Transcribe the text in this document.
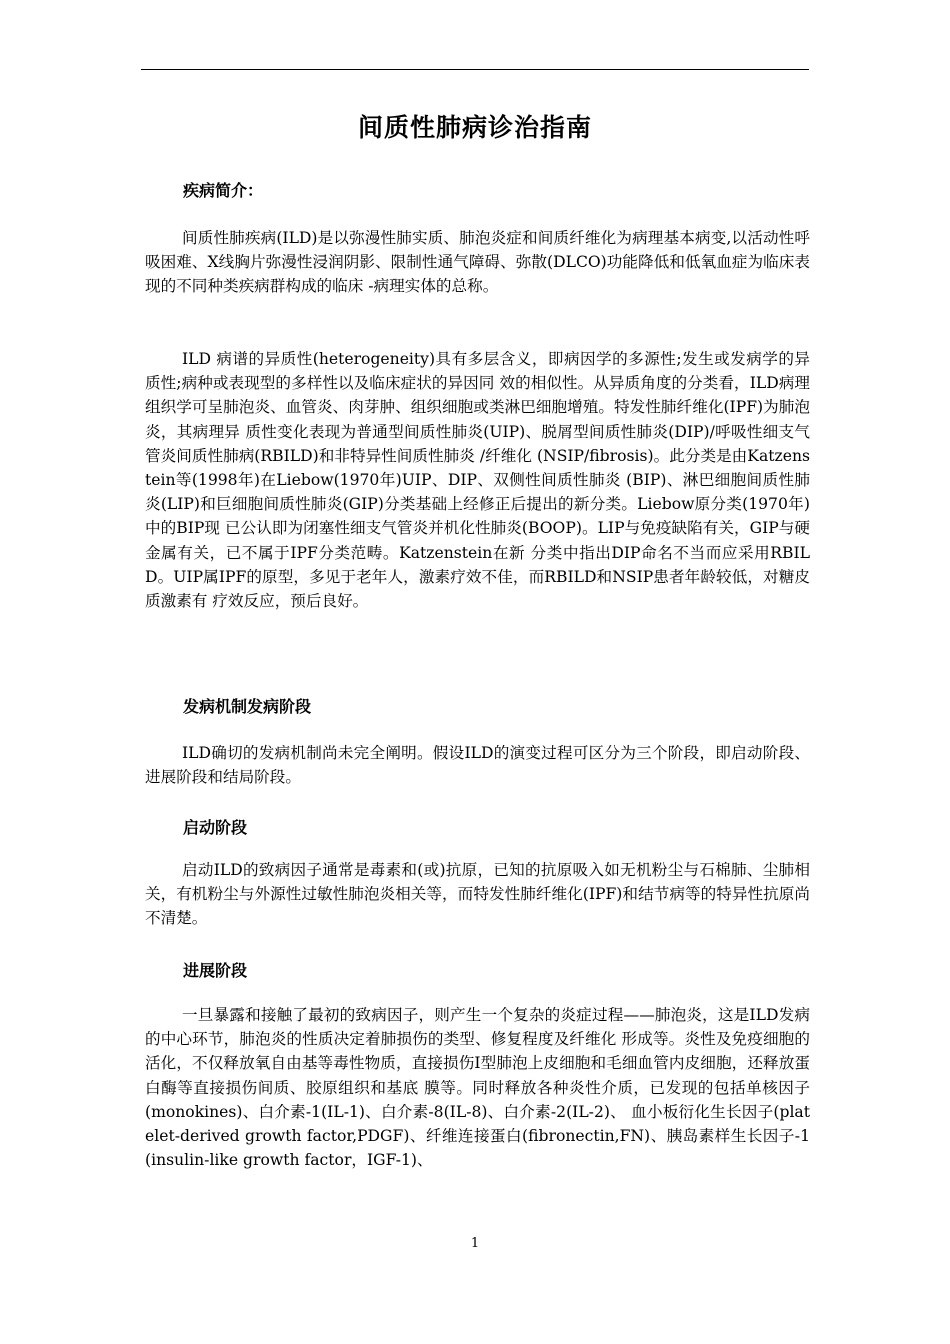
间质性肺病诊治指南
疾病简介：

间质性肺疾病(ILD)是以弥漫性肺实质、肺泡炎症和间质纤维化为病理基本病变,以活动性呼吸困难、X线胸片弥漫性浸润阴影、限制性通气障碍、弥散(DLCO)功能降低和低氧血症为临床表现的不同种类疾病群构成的临床 -病理实体的总称。

ILD 病谱的异质性(heterogeneity)具有多层含义，即病因学的多源性;发生或发病学的异质性;病种或表现型的多样性以及临床症状的异因同 效的相似性。从异质角度的分类看，ILD病理组织学可呈肺泡炎、血管炎、肉芽肿、组织细胞或类淋巴细胞增殖。特发性肺纤维化(IPF)为肺泡炎，其病理异 质性变化表现为普通型间质性肺炎(UIP)、脱屑型间质性肺炎(DIP)/呼吸性细支气管炎间质性肺病(RBILD)和非特异性间质性肺炎 /纤维化 (NSIP/fibrosis)。此分类是由Katzenstein等(1998年)在Liebow(1970年)UIP、DIP、双侧性间质性肺炎 (BIP)、淋巴细胞间质性肺炎(LIP)和巨细胞间质性肺炎(GIP)分类基础上经修正后提出的新分类。Liebow原分类(1970年)中的BIP现 已公认即为闭塞性细支气管炎并机化性肺炎(BOOP)。LIP与免疫缺陷有关，GIP与硬金属有关，已不属于IPF分类范畴。Katzenstein在新 分类中指出DIP命名不当而应采用RBILD。UIP属IPF的原型，多见于老年人，激素疗效不佳，而RBILD和NSIP患者年龄较低，对糖皮质激素有 疗效反应，预后良好。

发病机制发病阶段

ILD确切的发病机制尚未完全阐明。假设ILD的演变过程可区分为三个阶段，即启动阶段、进展阶段和结局阶段。

启动阶段

启动ILD的致病因子通常是毒素和(或)抗原，已知的抗原吸入如无机粉尘与石棉肺、尘肺相关，有机粉尘与外源性过敏性肺泡炎相关等，而特发性肺纤维化(IPF)和结节病等的特异性抗原尚不清楚。

进展阶段

一旦暴露和接触了最初的致病因子，则产生一个复杂的炎症过程——肺泡炎，这是ILD发病的中心环节，肺泡炎的性质决定着肺损伤的类型、修复程度及纤维化 形成等。炎性及免疫细胞的活化，不仅释放氧自由基等毒性物质，直接损伤Ⅰ型肺泡上皮细胞和毛细血管内皮细胞，还释放蛋白酶等直接损伤间质、胶原组织和基底 膜等。同时释放各种炎性介质，已发现的包括单核因子(monokines)、白介素-1(IL-1)、白介素-8(IL-8)、白介素-2(IL-2)、 血小板衍化生长因子(platelet-derived growth factor,PDGF)、纤维连接蛋白(fibronectin,FN)、胰岛素样生长因子-1(insulin-like growth factor，IGF-1)、

1
